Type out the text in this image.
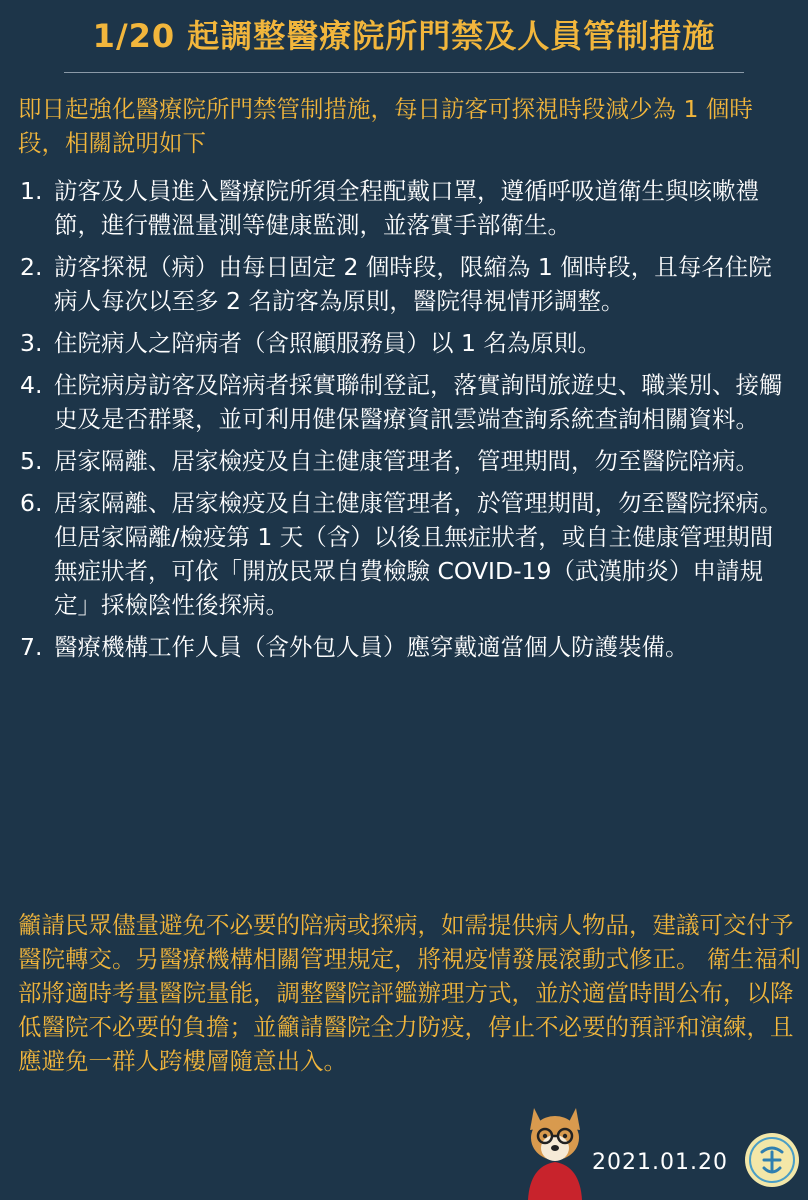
1/20 起調整醫療院所門禁及人員管制措施
即日起強化醫療院所門禁管制措施，每日訪客可探視時段減少為 1 個時段，相關說明如下
1. 訪客及人員進入醫療院所須全程配戴口罩，遵循呼吸道衛生與咳嗽禮節，進行體溫量測等健康監測，並落實手部衛生。
2. 訪客探視（病）由每日固定 2 個時段，限縮為 1 個時段，且每名住院病人每次以至多 2 名訪客為原則，醫院得視情形調整。
3. 住院病人之陪病者（含照顧服務員）以 1 名為原則。
4. 住院病房訪客及陪病者採實聯制登記，落實詢問旅遊史、職業別、接觸史及是否群聚，並可利用健保醫療資訊雲端查詢系統查詢相關資料。
5. 居家隔離、居家檢疫及自主健康管理者，管理期間，勿至醫院陪病。
6. 居家隔離、居家檢疫及自主健康管理者，於管理期間，勿至醫院探病。但居家隔離/檢疫第 1 天（含）以後且無症狀者，或自主健康管理期間無症狀者，可依「開放民眾自費檢驗 COVID-19（武漢肺炎）申請規定」採檢陰性後探病。
7. 醫療機構工作人員（含外包人員）應穿戴適當個人防護裝備。
籲請民眾儘量避免不必要的陪病或探病，如需提供病人物品，建議可交付予醫院轉交。另醫療機構相關管理規定，將視疫情發展滾動式修正。 衛生福利部將適時考量醫院量能，調整醫院評鑑辦理方式，並於適當時間公布，以降低醫院不必要的負擔；並籲請醫院全力防疫，停止不必要的預評和演練，且應避免一群人跨樓層隨意出入。
2021.01.20
